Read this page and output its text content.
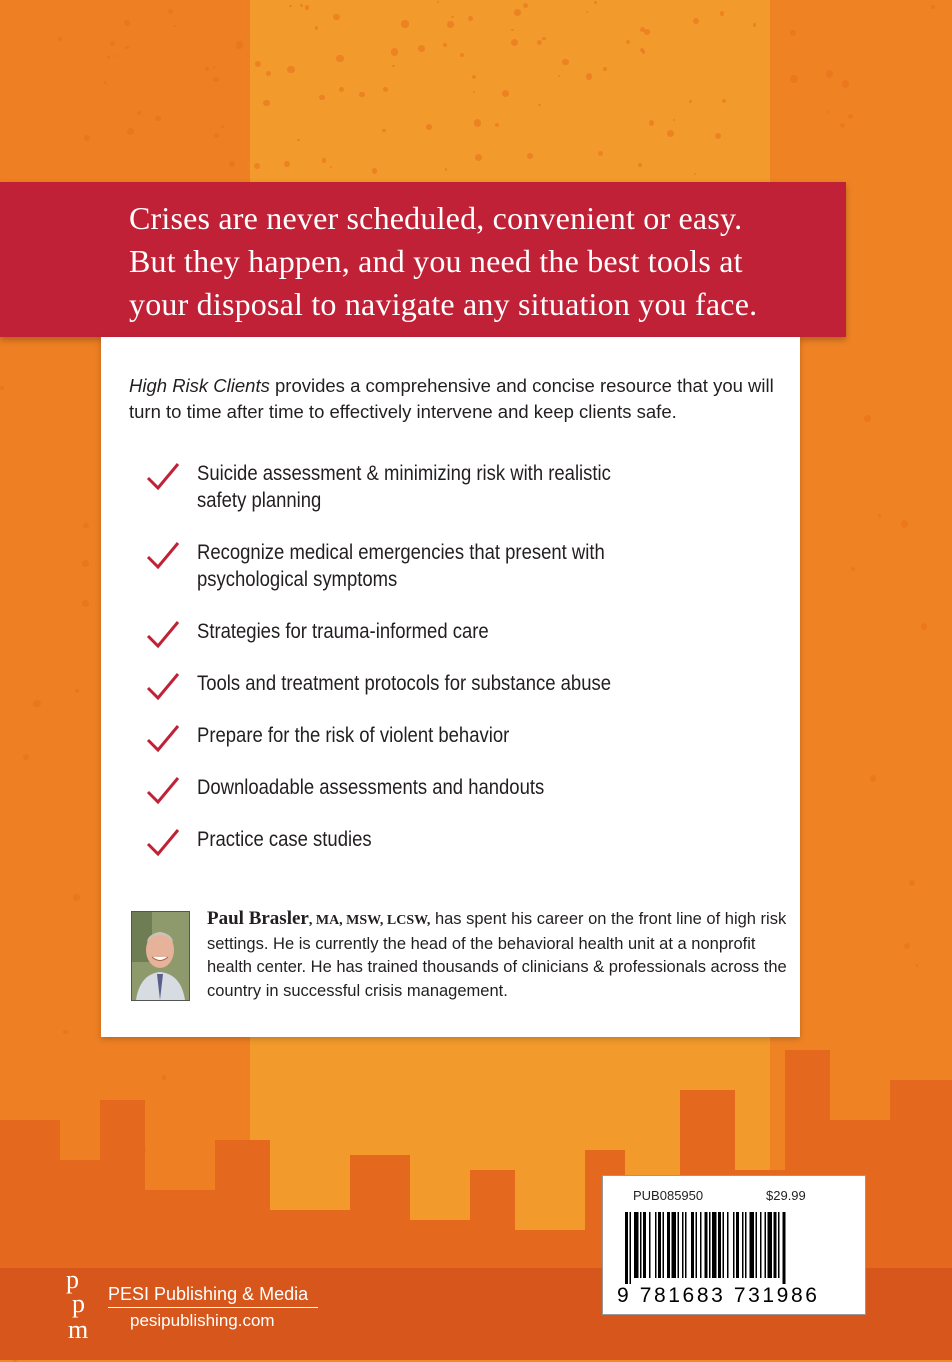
Crises are never scheduled, convenient or easy.
But they happen, and you need the best tools at
your disposal to navigate any situation you face.
High Risk Clients provides a comprehensive and concise resource that you will turn to time after time to effectively intervene and keep clients safe.
Suicide assessment & minimizing risk with realistic
safety planning
Recognize medical emergencies that present with
psychological symptoms
Strategies for trauma-informed care
Tools and treatment protocols for substance abuse
Prepare for the risk of violent behavior
Downloadable assessments and handouts
Practice case studies
Paul Brasler, MA, MSW, LCSW, has spent his career on the front line of high risk settings. He is currently the head of the behavioral health unit at a nonprofit health center. He has trained thousands of clinicians & professionals across the country in successful crisis management.
PUB085950	$29.99
9 781683 731986
p
p
m
PESI Publishing & Media
pesipublishing.com
